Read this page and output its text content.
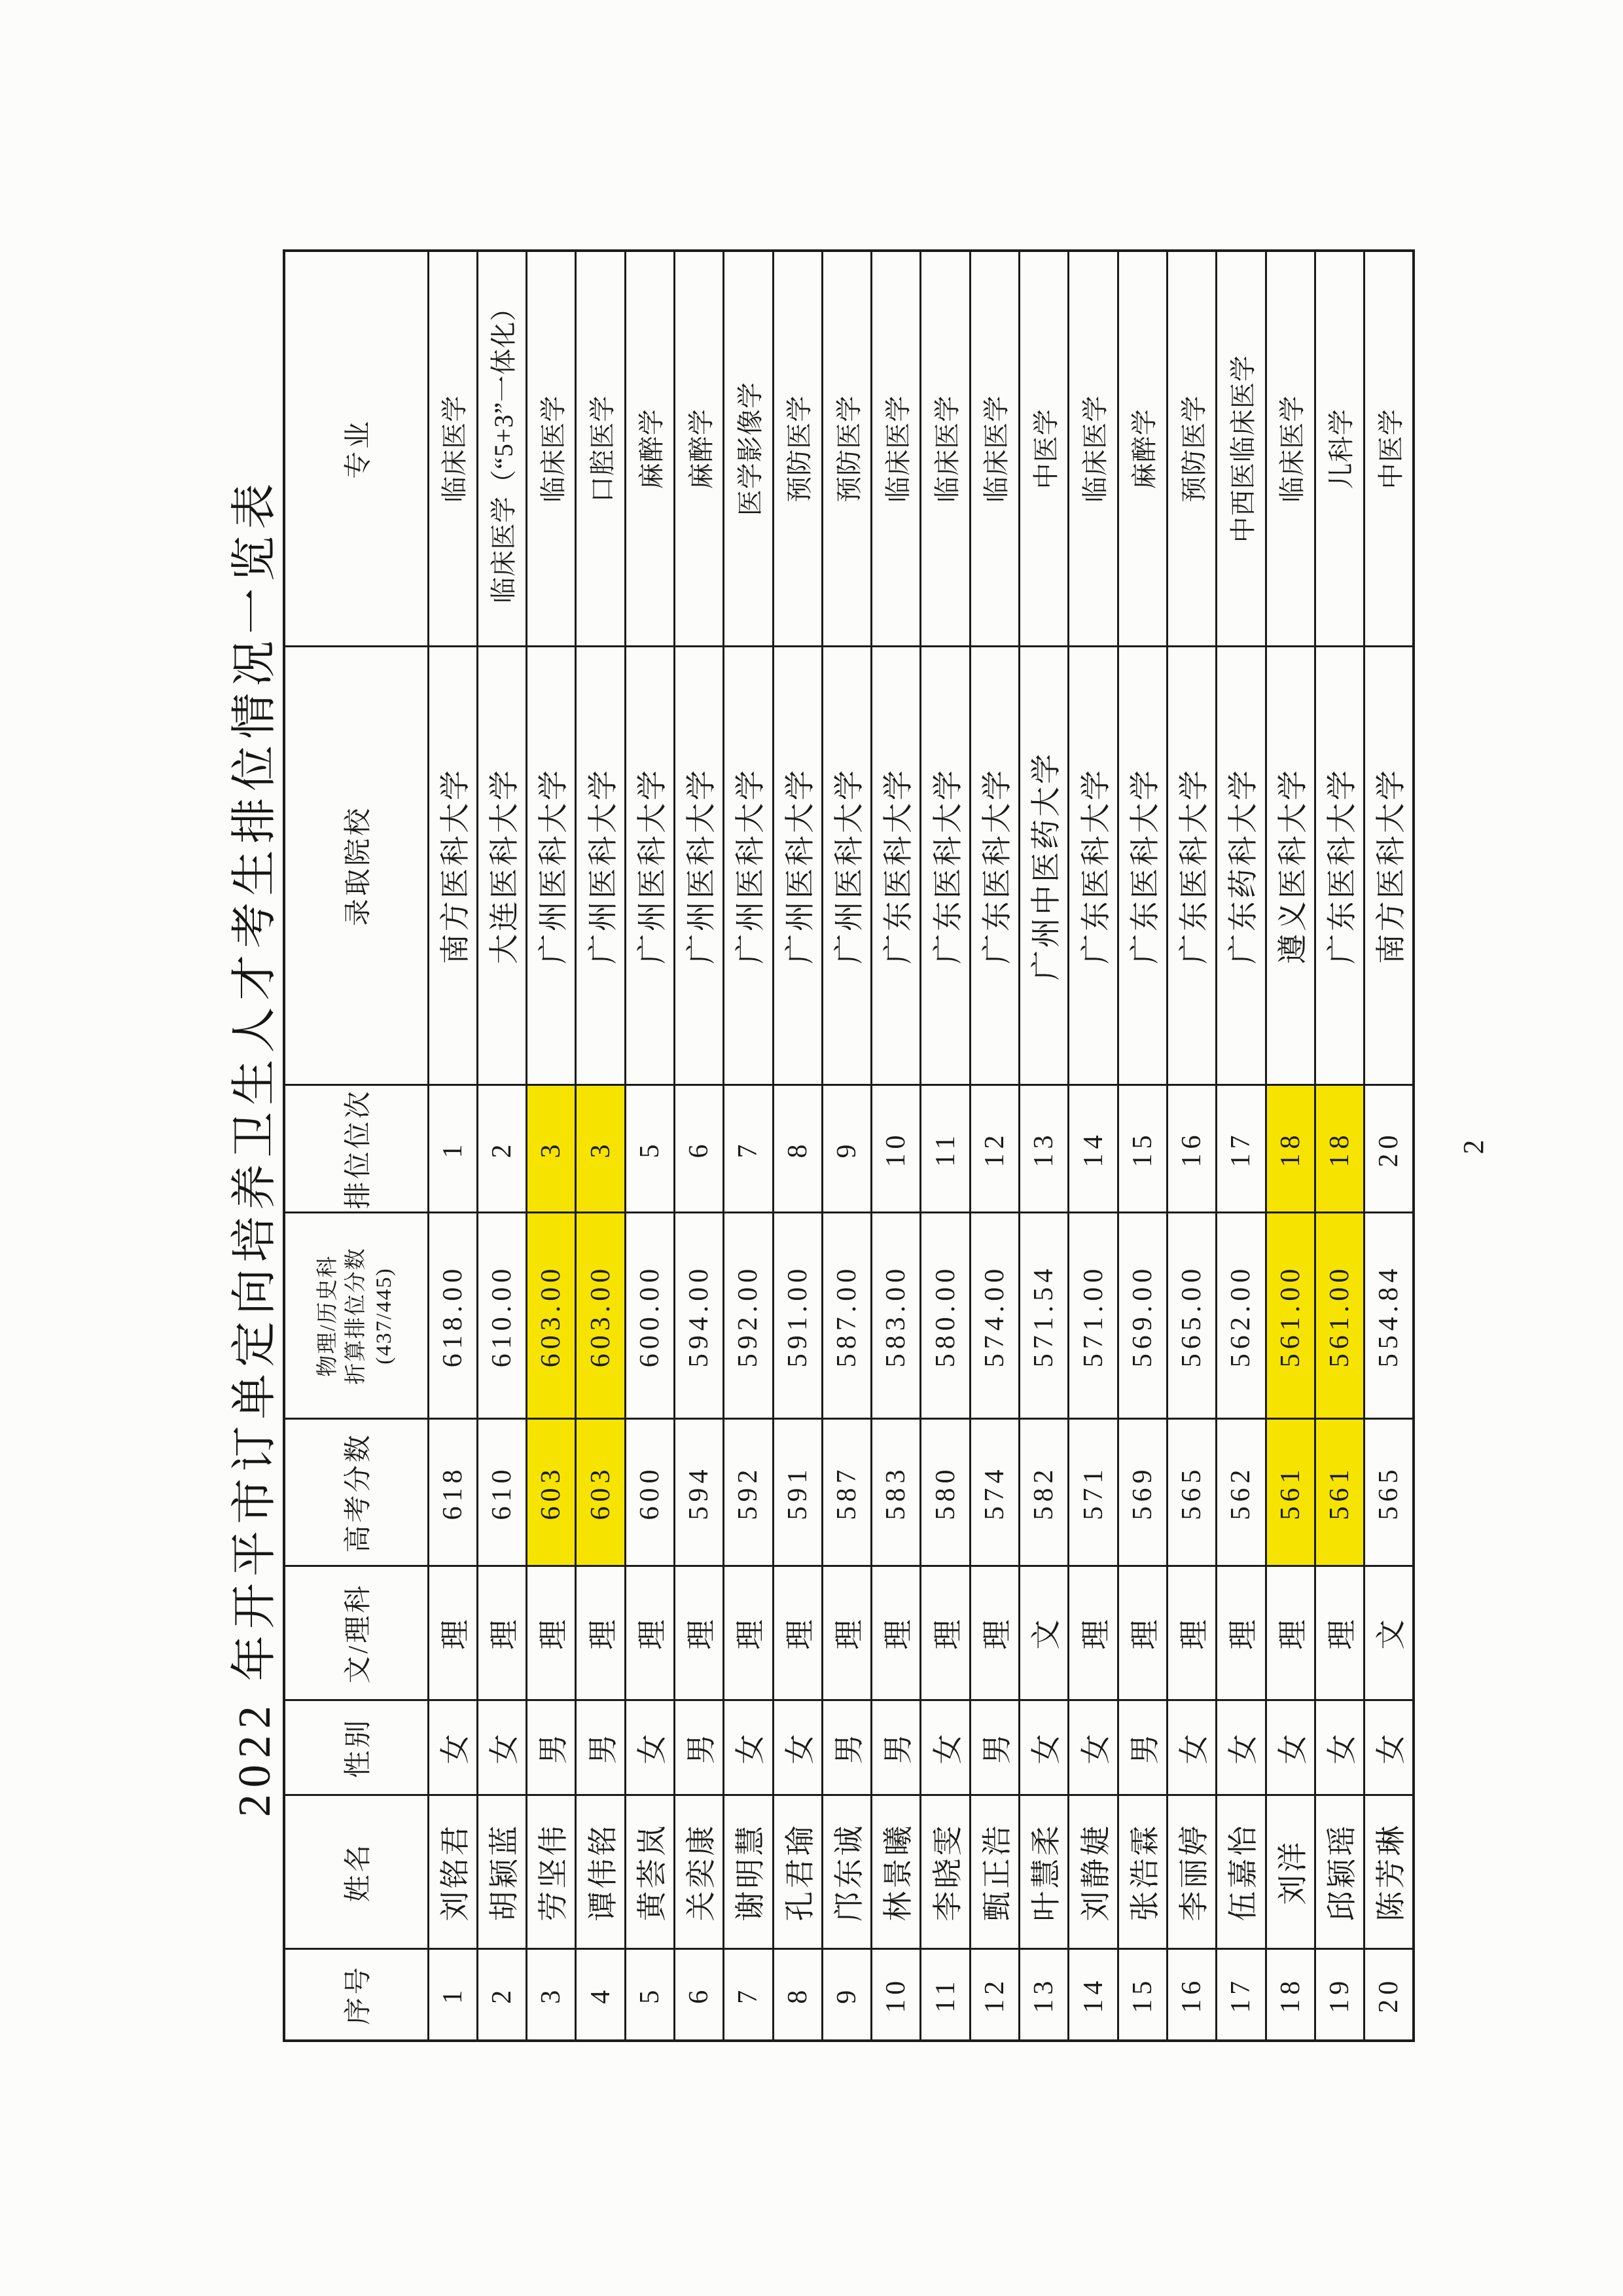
2022 年开平市订单定向培养卫生人才考生排位情况一览表
序号	姓名	性别	文/理科	高考分数	物理/历史科 折算排位分数 (437/445)	排位位次	录取院校	专业
1	刘铭君	女	理	618	618.00	1	南方医科大学	临床医学
2	胡颖蓝	女	理	610	610.00	2	大连医科大学	临床医学（“5+3”一体化）
3	劳坚伟	男	理	603	603.00	3	广州医科大学	临床医学
4	谭伟铭	男	理	603	603.00	3	广州医科大学	口腔医学
5	黄荟岚	女	理	600	600.00	5	广州医科大学	麻醉学
6	关奕康	男	理	594	594.00	6	广州医科大学	麻醉学
7	谢明慧	女	理	592	592.00	7	广州医科大学	医学影像学
8	孔君瑜	女	理	591	591.00	8	广州医科大学	预防医学
9	邝东诚	男	理	587	587.00	9	广州医科大学	预防医学
10	林景曦	男	理	583	583.00	10	广东医科大学	临床医学
11	李晓雯	女	理	580	580.00	11	广东医科大学	临床医学
12	甄正浩	男	理	574	574.00	12	广东医科大学	临床医学
13	叶慧柔	女	文	582	571.54	13	广州中医药大学	中医学
14	刘静婕	女	理	571	571.00	14	广东医科大学	临床医学
15	张浩霖	男	理	569	569.00	15	广东医科大学	麻醉学
16	李丽婷	女	理	565	565.00	16	广东医科大学	预防医学
17	伍嘉怡	女	理	562	562.00	17	广东药科大学	中西医临床医学
18	刘洋	女	理	561	561.00	18	遵义医科大学	临床医学
19	邱颖瑶	女	理	561	561.00	18	广东医科大学	儿科学
20	陈芳琳	女	文	565	554.84	20	南方医科大学	中医学
2
